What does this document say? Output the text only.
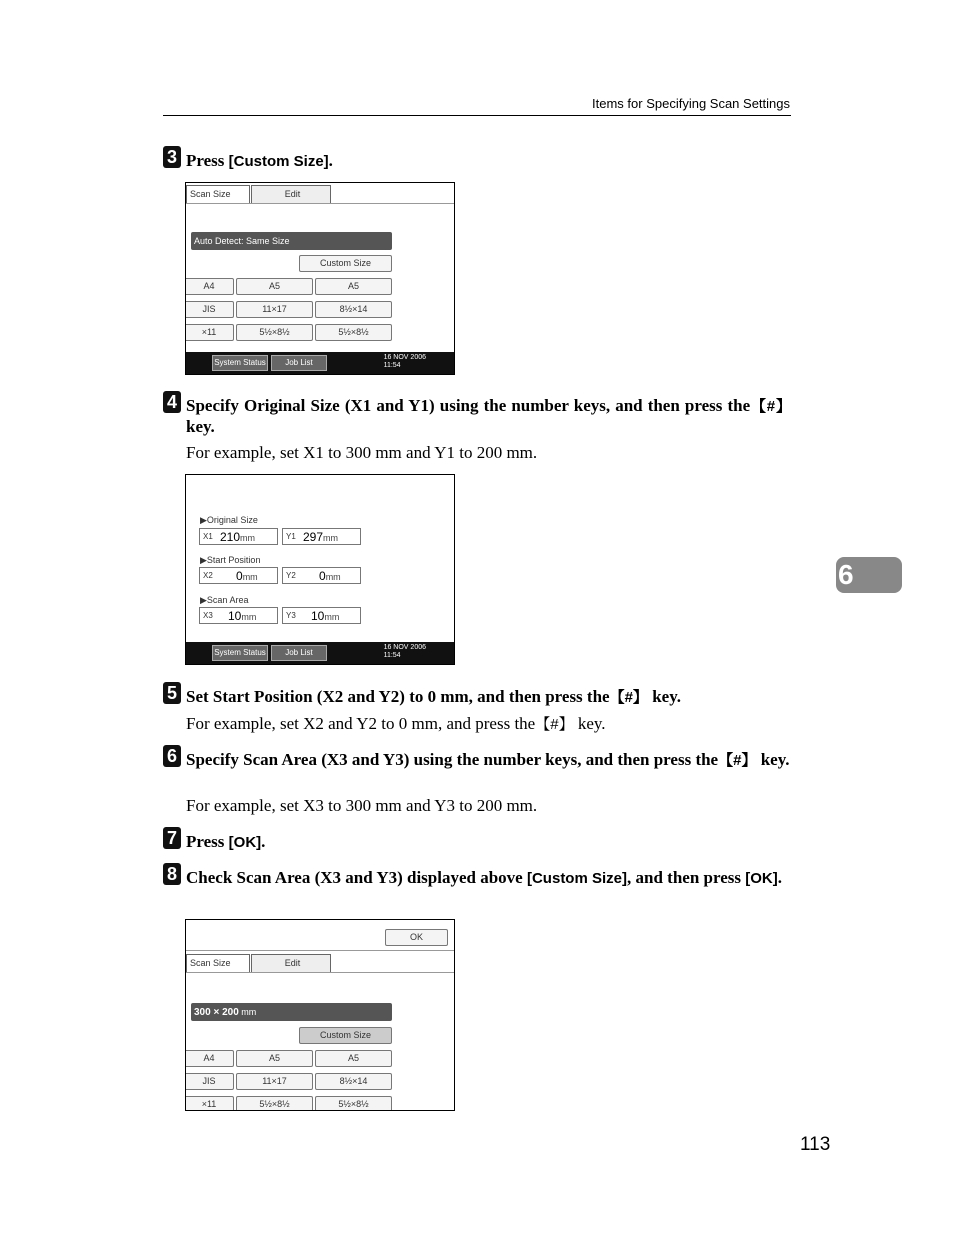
Items for Specifying Scan Settings
6
3 Press [Custom Size].
Scan Size	Edit
Auto Detect: Same Size
Custom Size
A4	A5	A5
JIS	11×17	8½×14
×11	5½×8½	5½×8½
System Status	Job List
16 NOV 2006
11:54
4 Specify Original Size (X1 and Y1) using the number keys, and then press the【#】 key.
For example, set X1 to 300 mm and Y1 to 200 mm.
▶Original Size
X1 210mm	Y1 297mm
▶Start Position
X2 0mm	Y2 0mm
▶Scan Area
X3 10mm	Y3 10mm
System Status	Job List
16 NOV 2006
11:54
5 Set Start Position (X2 and Y2) to 0 mm, and then press the【#】 key.
For example, set X2 and Y2 to 0 mm, and press the【#】 key.
6 Specify Scan Area (X3 and Y3) using the number keys, and then press the【#】 key.
For example, set X3 to 300 mm and Y3 to 200 mm.
7 Press [OK].
8 Check Scan Area (X3 and Y3) displayed above [Custom Size], and then press [OK].
OK
Scan Size	Edit
300 × 200 mm
Custom Size
A4	A5	A5
JIS	11×17	8½×14
×11	5½×8½	5½×8½
113
